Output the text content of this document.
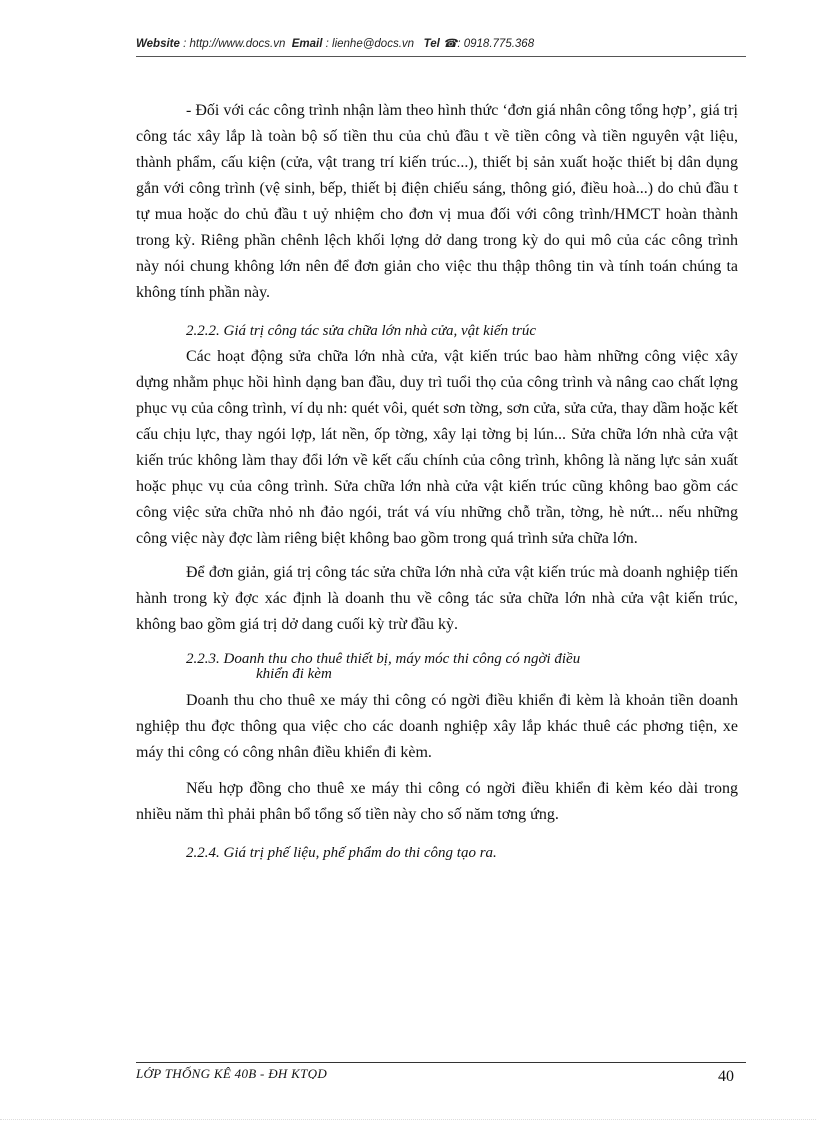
Website : http://www.docs.vn Email : lienhe@docs.vn Tel ☎: 0918.775.368

- Đối với các công trình nhận làm theo hình thức ‘đơn giá nhân công tổng hợp’, giá trị công tác xây lắp là toàn bộ số tiền thu của chủ đầu t về tiền công và tiền nguyên vật liệu, thành phẩm, cấu kiện (cửa, vật trang trí kiến trúc...), thiết bị sản xuất hoặc thiết bị dân dụng gắn với công trình (vệ sinh, bếp, thiết bị điện chiếu sáng, thông gió, điều hoà...) do chủ đầu t tự mua hoặc do chủ đầu t uỷ nhiệm cho đơn vị mua đối với công trình/HMCT hoàn thành trong kỳ. Riêng phần chênh lệch khối lợng dở dang trong kỳ do qui mô của các công trình này nói chung không lớn nên để đơn giản cho việc thu thập thông tin và tính toán chúng ta không tính phần này.

2.2.2. Giá trị công tác sửa chữa lớn nhà cửa, vật kiến trúc

Các hoạt động sửa chữa lớn nhà cửa, vật kiến trúc bao hàm những công việc xây dựng nhằm phục hồi hình dạng ban đầu, duy trì tuổi thọ của công trình và nâng cao chất lợng phục vụ của công trình, ví dụ nh: quét vôi, quét sơn tờng, sơn cửa, sửa cửa, thay dầm hoặc kết cấu chịu lực, thay ngói lợp, lát nền, ốp tờng, xây lại tờng bị lún... Sửa chữa lớn nhà cửa vật kiến trúc không làm thay đổi lớn về kết cấu chính của công trình, không là năng lực sản xuất hoặc phục vụ của công trình. Sửa chữa lớn nhà cửa vật kiến trúc cũng không bao gồm các công việc sửa chữa nhỏ nh đảo ngói, trát vá víu những chỗ trần, tờng, hè nứt... nếu những công việc này đợc làm riêng biệt không bao gồm trong quá trình sửa chữa lớn.

Để đơn giản, giá trị công tác sửa chữa lớn nhà cửa vật kiến trúc mà doanh nghiệp tiến hành trong kỳ đợc xác định là doanh thu về công tác sửa chữa lớn nhà cửa vật kiến trúc, không bao gồm giá trị dở dang cuối kỳ trừ đầu kỳ.

2.2.3. Doanh thu cho thuê thiết bị, máy móc thi công có ngời điều
khiển đi kèm

Doanh thu cho thuê xe máy thi công có ngời điều khiển đi kèm là khoản tiền doanh nghiệp thu đợc thông qua việc cho các doanh nghiệp xây lắp khác thuê các phơng tiện, xe máy thi công có công nhân điều khiển đi kèm.

Nếu hợp đồng cho thuê xe máy thi công có ngời điều khiển đi kèm kéo dài trong nhiều năm thì phải phân bổ tổng số tiền này cho số năm tơng ứng.

2.2.4. Giá trị phế liệu, phế phẩm do thi công tạo ra.

LỚP THỐNG KÊ 40B - ĐH KTQD	40
